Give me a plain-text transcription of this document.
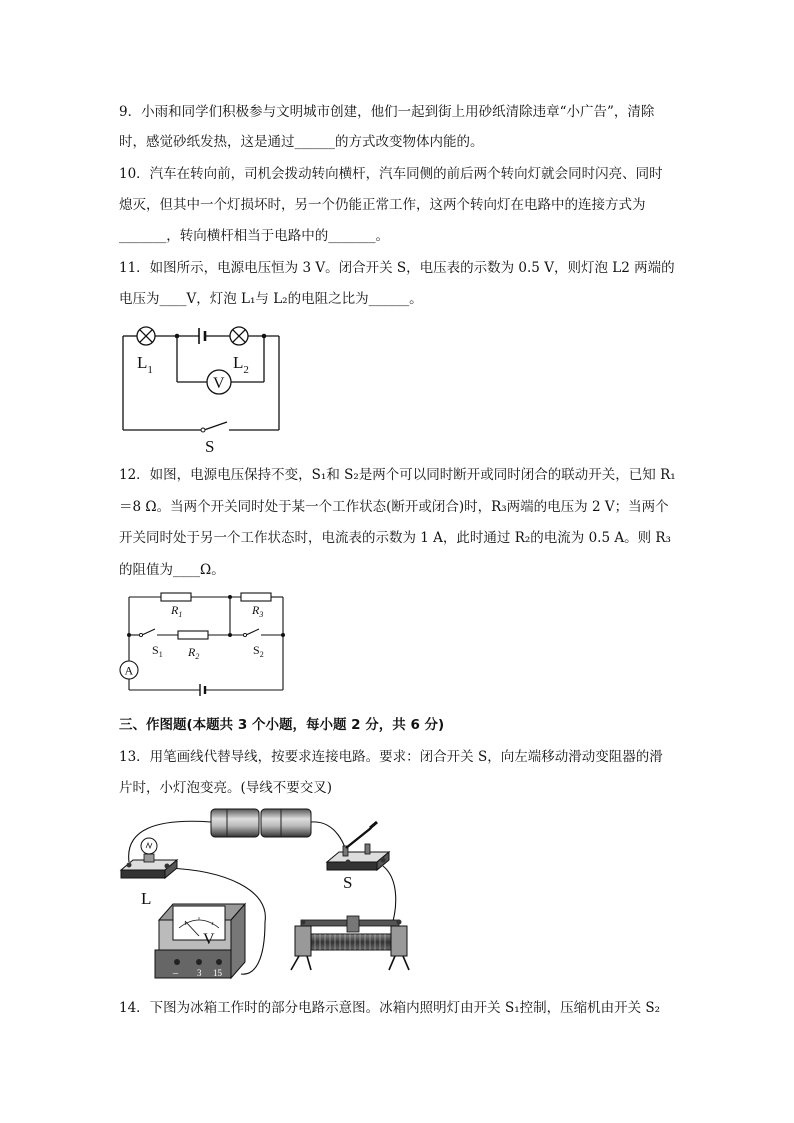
9．小雨和同学们积极参与文明城市创建，他们一起到街上用砂纸清除违章“小广告”，清除
时，感觉砂纸发热，这是通过______的方式改变物体内能的。
10．汽车在转向前，司机会拨动转向横杆，汽车同侧的前后两个转向灯就会同时闪亮、同时
熄灭，但其中一个灯损坏时，另一个仍能正常工作，这两个转向灯在电路中的连接方式为
_______，转向横杆相当于电路中的_______。
11．如图所示，电源电压恒为 3 V。闭合开关 S，电压表的示数为 0.5 V，则灯泡 L2 两端的
电压为____V，灯泡 L₁与 L₂的电阻之比为______。
$L_1$	$L_2$
V
S
12．如图，电源电压保持不变，S₁和 S₂是两个可以同时断开或同时闭合的联动开关，已知 R₁
＝8 Ω。当两个开关同时处于某一个工作状态(断开或闭合)时，R₃两端的电压为 2 V；当两个
开关同时处于另一个工作状态时，电流表的示数为 1 A，此时通过 R₂的电流为 0.5 A。则 R₃
的阻值为____Ω。
A
$R_1$	$R_3$
$R_2$
$S_1$	$S_2$
三、作图题(本题共 3 个小题，每小题 2 分，共 6 分)
13．用笔画线代替导线，按要求连接电路。要求：闭合开关 S，向左端移动滑动变阻器的滑
片时，小灯泡变亮。(导线不要交叉)
L
S
V
– 3 15
14．下图为冰箱工作时的部分电路示意图。冰箱内照明灯由开关 S₁控制，压缩机由开关 S₂
